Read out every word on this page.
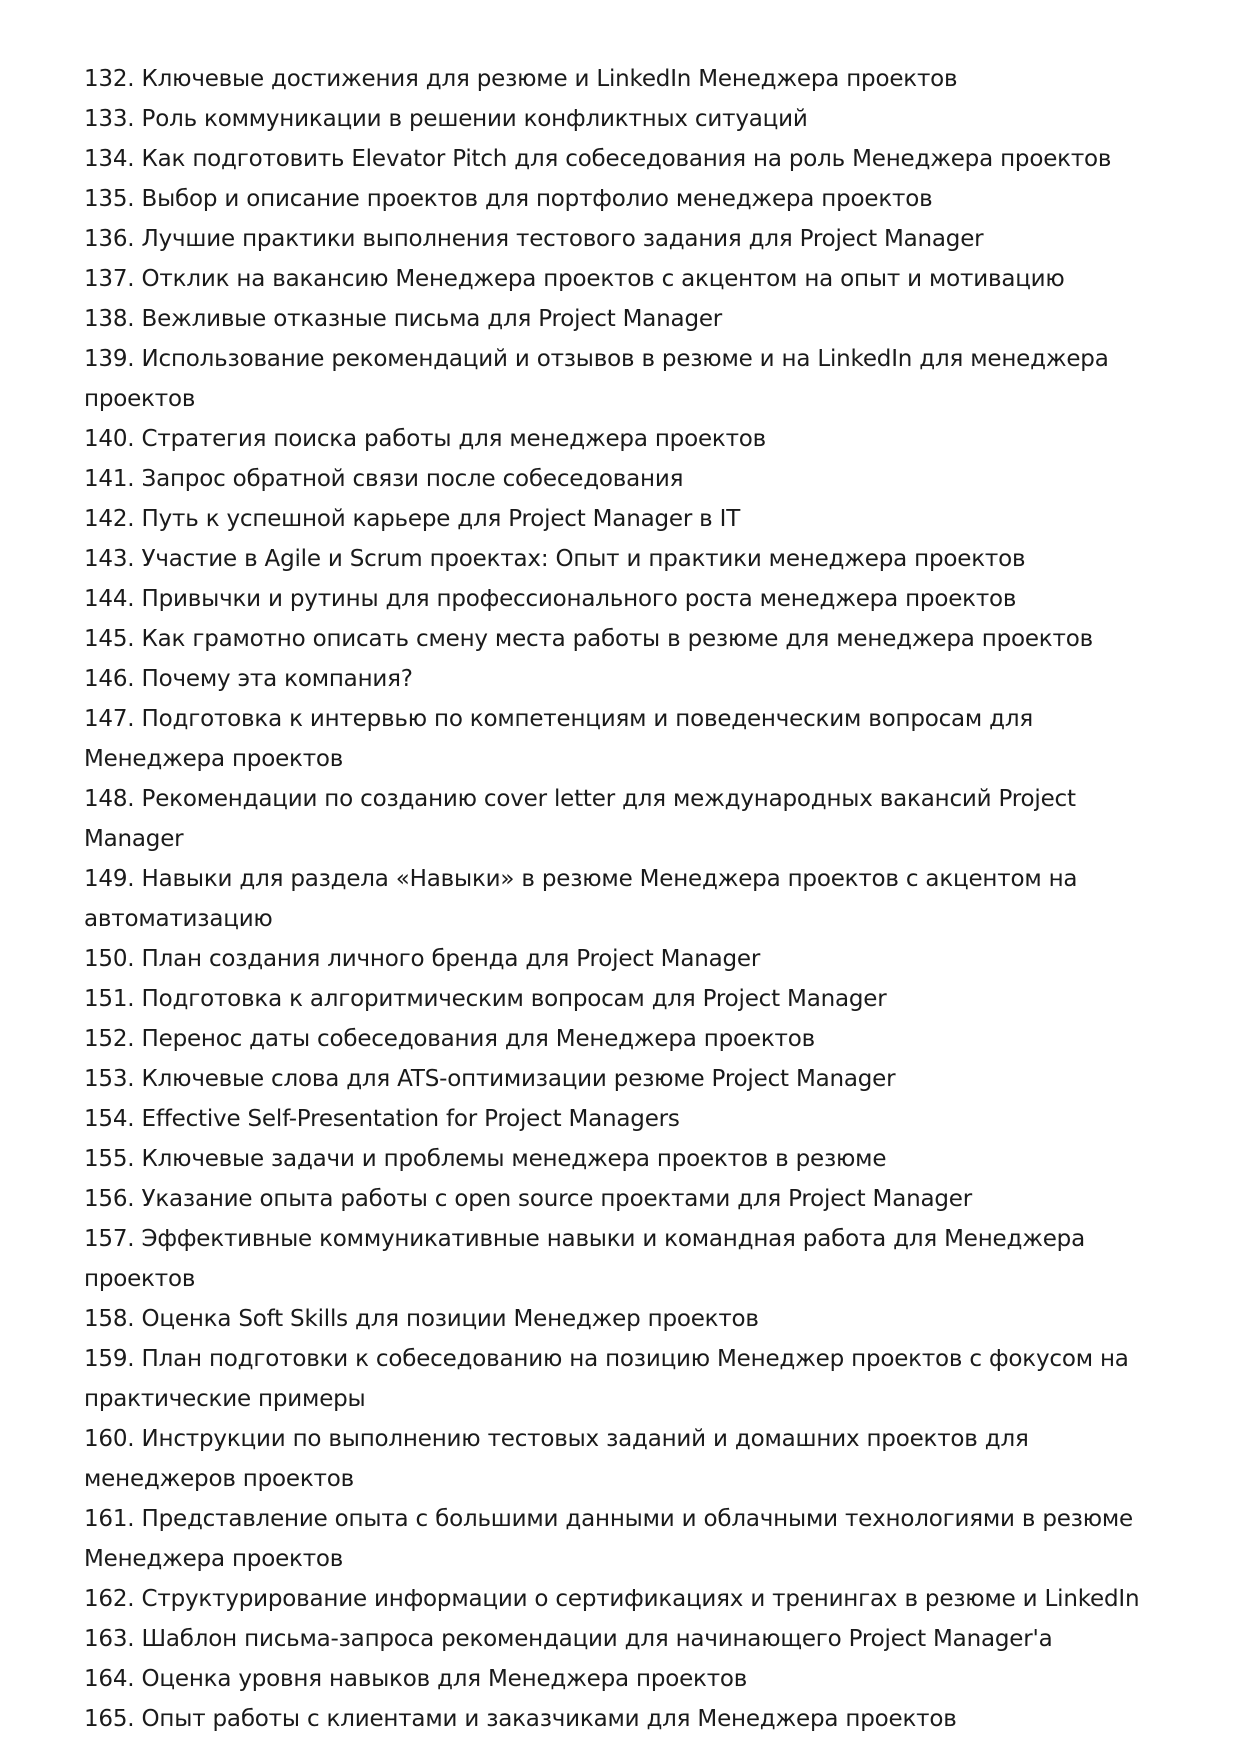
132. Ключевые достижения для резюме и LinkedIn Менеджера проектов
133. Роль коммуникации в решении конфликтных ситуаций
134. Как подготовить Elevator Pitch для собеседования на роль Менеджера проектов
135. Выбор и описание проектов для портфолио менеджера проектов
136. Лучшие практики выполнения тестового задания для Project Manager
137. Отклик на вакансию Менеджера проектов с акцентом на опыт и мотивацию
138. Вежливые отказные письма для Project Manager
139. Использование рекомендаций и отзывов в резюме и на LinkedIn для менеджера проектов
140. Стратегия поиска работы для менеджера проектов
141. Запрос обратной связи после собеседования
142. Путь к успешной карьере для Project Manager в IT
143. Участие в Agile и Scrum проектах: Опыт и практики менеджера проектов
144. Привычки и рутины для профессионального роста менеджера проектов
145. Как грамотно описать смену места работы в резюме для менеджера проектов
146. Почему эта компания?
147. Подготовка к интервью по компетенциям и поведенческим вопросам для Менеджера проектов
148. Рекомендации по созданию cover letter для международных вакансий Project Manager
149. Навыки для раздела «Навыки» в резюме Менеджера проектов с акцентом на автоматизацию
150. План создания личного бренда для Project Manager
151. Подготовка к алгоритмическим вопросам для Project Manager
152. Перенос даты собеседования для Менеджера проектов
153. Ключевые слова для ATS-оптимизации резюме Project Manager
154. Effective Self-Presentation for Project Managers
155. Ключевые задачи и проблемы менеджера проектов в резюме
156. Указание опыта работы с open source проектами для Project Manager
157. Эффективные коммуникативные навыки и командная работа для Менеджера проектов
158. Оценка Soft Skills для позиции Менеджер проектов
159. План подготовки к собеседованию на позицию Менеджер проектов с фокусом на практические примеры
160. Инструкции по выполнению тестовых заданий и домашних проектов для менеджеров проектов
161. Представление опыта с большими данными и облачными технологиями в резюме Менеджера проектов
162. Структурирование информации о сертификациях и тренингах в резюме и LinkedIn
163. Шаблон письма-запроса рекомендации для начинающего Project Manager'а
164. Оценка уровня навыков для Менеджера проектов
165. Опыт работы с клиентами и заказчиками для Менеджера проектов
